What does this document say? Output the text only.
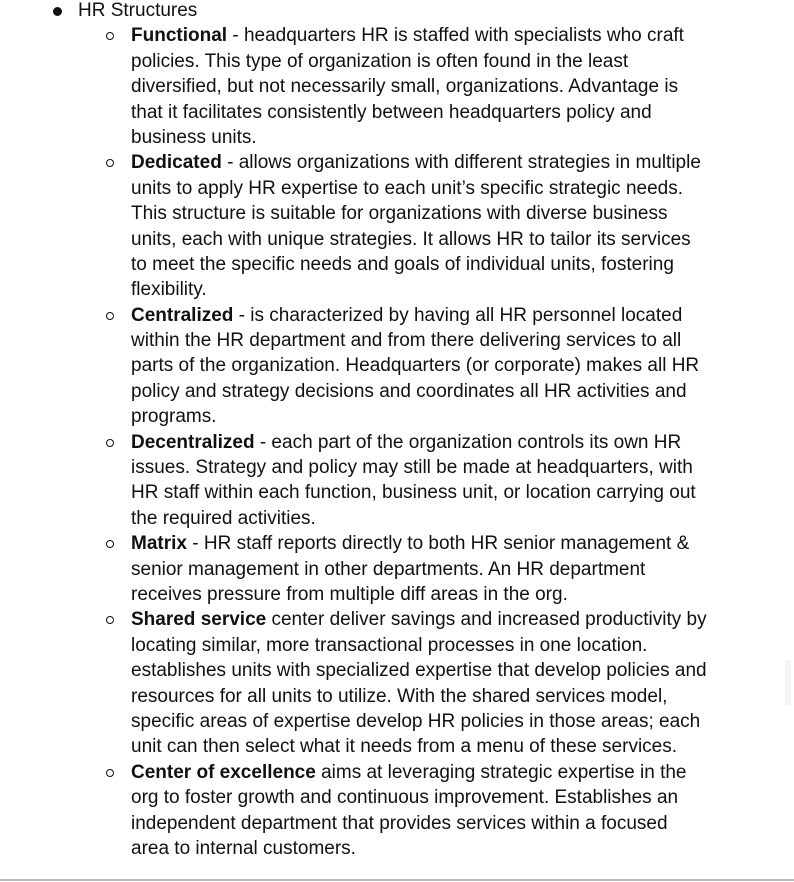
HR Structures
Functional - headquarters HR is staffed with specialists who craft
policies. This type of organization is often found in the least
diversified, but not necessarily small, organizations. Advantage is
that it facilitates consistently between headquarters policy and
business units.
Dedicated - allows organizations with different strategies in multiple
units to apply HR expertise to each unit’s specific strategic needs.
This structure is suitable for organizations with diverse business
units, each with unique strategies. It allows HR to tailor its services
to meet the specific needs and goals of individual units, fostering
flexibility.
Centralized - is characterized by having all HR personnel located
within the HR department and from there delivering services to all
parts of the organization. Headquarters (or corporate) makes all HR
policy and strategy decisions and coordinates all HR activities and
programs.
Decentralized - each part of the organization controls its own HR
issues. Strategy and policy may still be made at headquarters, with
HR staff within each function, business unit, or location carrying out
the required activities.
Matrix - HR staff reports directly to both HR senior management &
senior management in other departments. An HR department
receives pressure from multiple diff areas in the org.
Shared service center deliver savings and increased productivity by
locating similar, more transactional processes in one location.
establishes units with specialized expertise that develop policies and
resources for all units to utilize. With the shared services model,
specific areas of expertise develop HR policies in those areas; each
unit can then select what it needs from a menu of these services.
Center of excellence aims at leveraging strategic expertise in the
org to foster growth and continuous improvement. Establishes an
independent department that provides services within a focused
area to internal customers.
